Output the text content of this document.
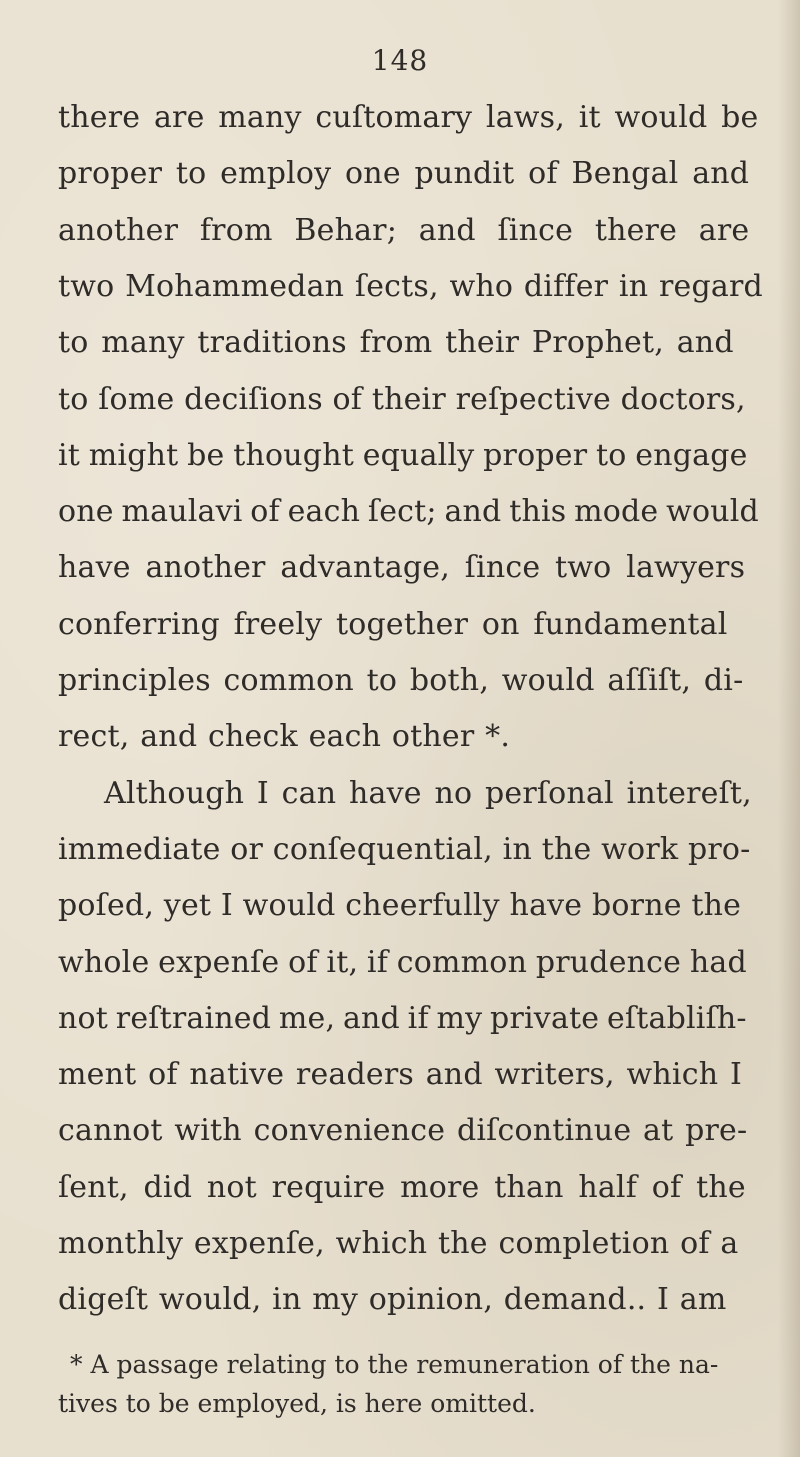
148
there are many cuſtomary laws, it would be
proper to employ one pundit of Bengal and
another from Behar; and ſince there are
two Mohammedan ſects, who differ in regard
to many traditions from their Prophet, and
to ſome deciſions of their reſpective doctors,
it might be thought equally proper to engage
one maulavi of each ſect; and this mode would
have another advantage, ſince two lawyers
conferring freely together on fundamental
principles common to both, would aſſiſt, di-
rect, and check each other *.
Although I can have no perſonal intereſt,
immediate or conſequential, in the work pro-
poſed, yet I would cheerfully have borne the
whole expenſe of it, if common prudence had
not reſtrained me, and if my private eſtabliſh-
ment of native readers and writers, which I
cannot with convenience diſcontinue at pre-
ſent, did not require more than half of the
monthly expenſe, which the completion of a
digeſt would, in my opinion, demand.. I am
* A passage relating to the remuneration of the na-
tives to be employed, is here omitted.
